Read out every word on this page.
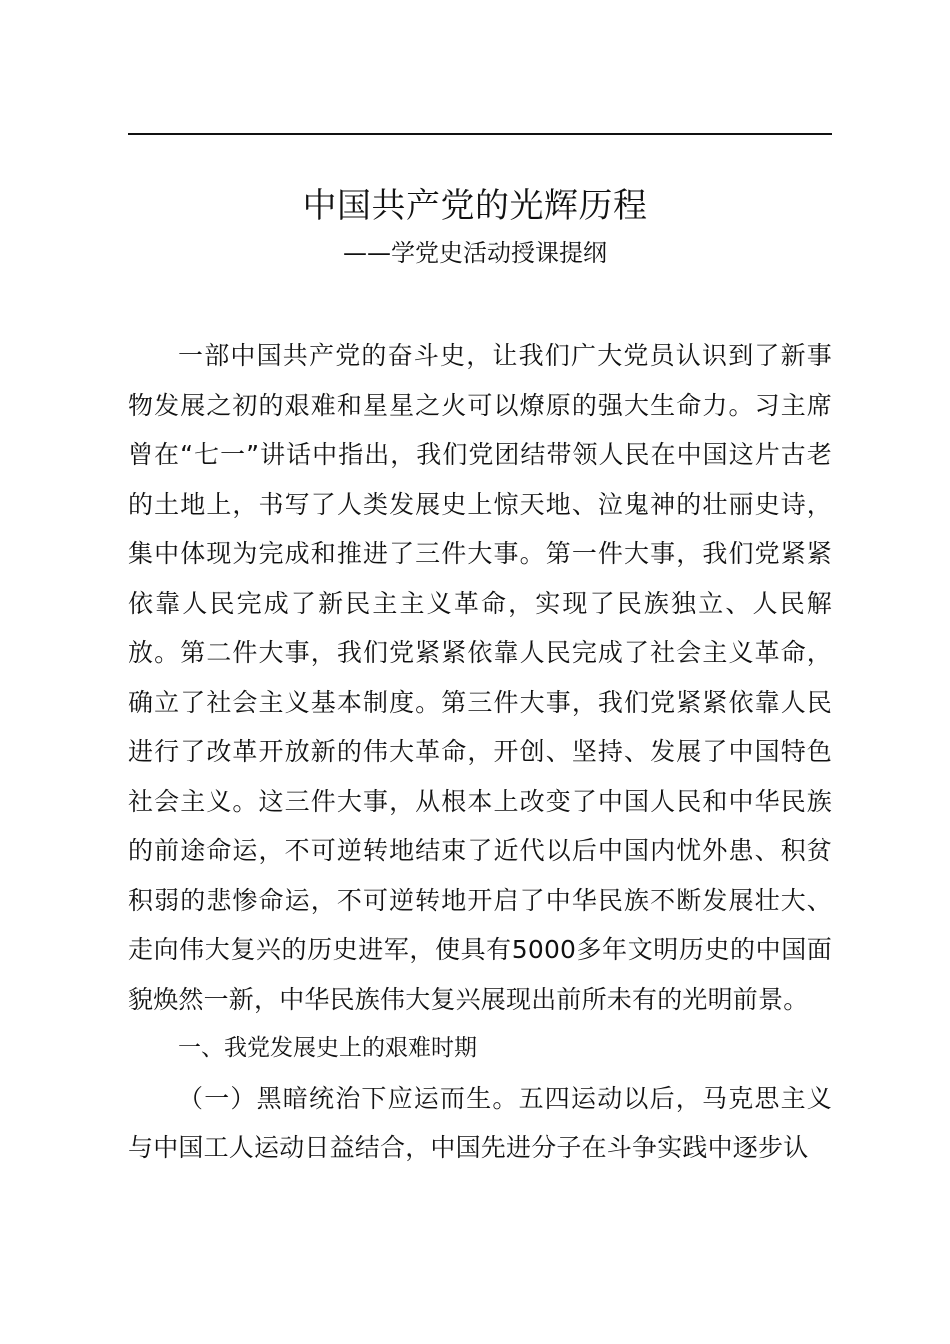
中国共产党的光辉历程
——学党史活动授课提纲

一部中国共产党的奋斗史，让我们广大党员认识到了新事物发展之初的艰难和星星之火可以燎原的强大生命力。习主席曾在“七一”讲话中指出，我们党团结带领人民在中国这片古老的土地上，书写了人类发展史上惊天地、泣鬼神的壮丽史诗，集中体现为完成和推进了三件大事。第一件大事，我们党紧紧依靠人民完成了新民主主义革命，实现了民族独立、人民解放。第二件大事，我们党紧紧依靠人民完成了社会主义革命，确立了社会主义基本制度。第三件大事，我们党紧紧依靠人民进行了改革开放新的伟大革命，开创、坚持、发展了中国特色社会主义。这三件大事，从根本上改变了中国人民和中华民族的前途命运，不可逆转地结束了近代以后中国内忧外患、积贫积弱的悲惨命运，不可逆转地开启了中华民族不断发展壮大、走向伟大复兴的历史进军，使具有5000多年文明历史的中国面貌焕然一新，中华民族伟大复兴展现出前所未有的光明前景。

一、我党发展史上的艰难时期

（一）黑暗统治下应运而生。五四运动以后，马克思主义与中国工人运动日益结合，中国先进分子在斗争实践中逐步认
